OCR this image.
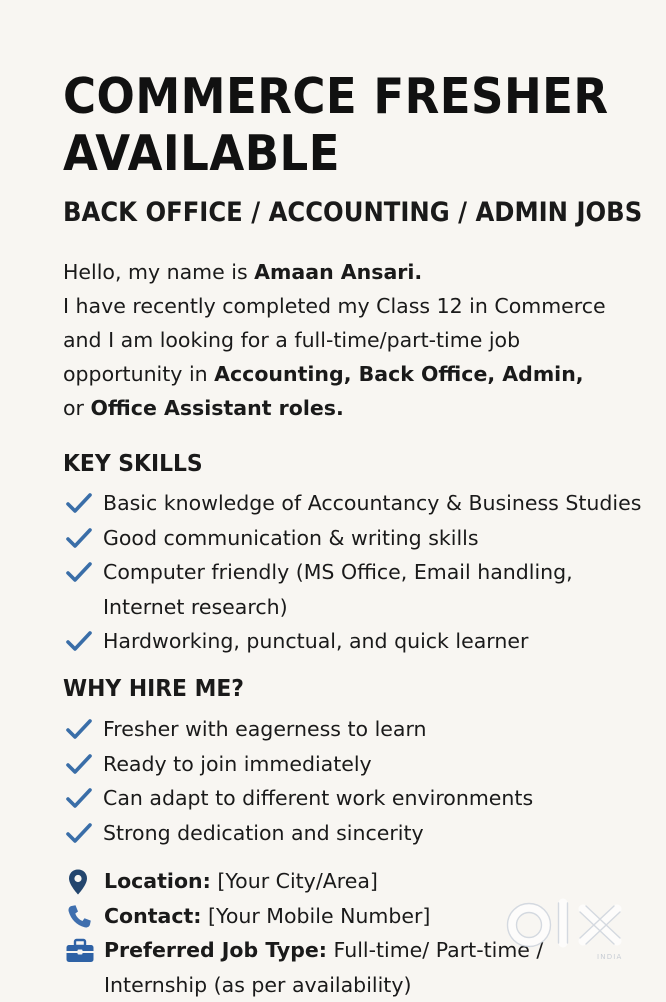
COMMERCE FRESHER
AVAILABLE
BACK OFFICE / ACCOUNTING / ADMIN JOBS

Hello, my name is Amaan Ansari.

I have recently completed my Class 12 in Commerce

and I am looking for a full-time/part-time job

opportunity in Accounting, Back Office, Admin,

or Office Assistant roles.

KEY SKILLS
Basic knowledge of Accountancy & Business Studies
Good communication & writing skills
Computer friendly (MS Office, Email handling,
Internet research)
Hardworking, punctual, and quick learner
WHY HIRE ME?
Fresher with eagerness to learn
Ready to join immediately
Can adapt to different work environments
Strong dedication and sincerity
Location: [Your City/Area]
Contact: [Your Mobile Number]
Preferred Job Type: Full-time/ Part-time /
Internship (as per availability)
INDIA
